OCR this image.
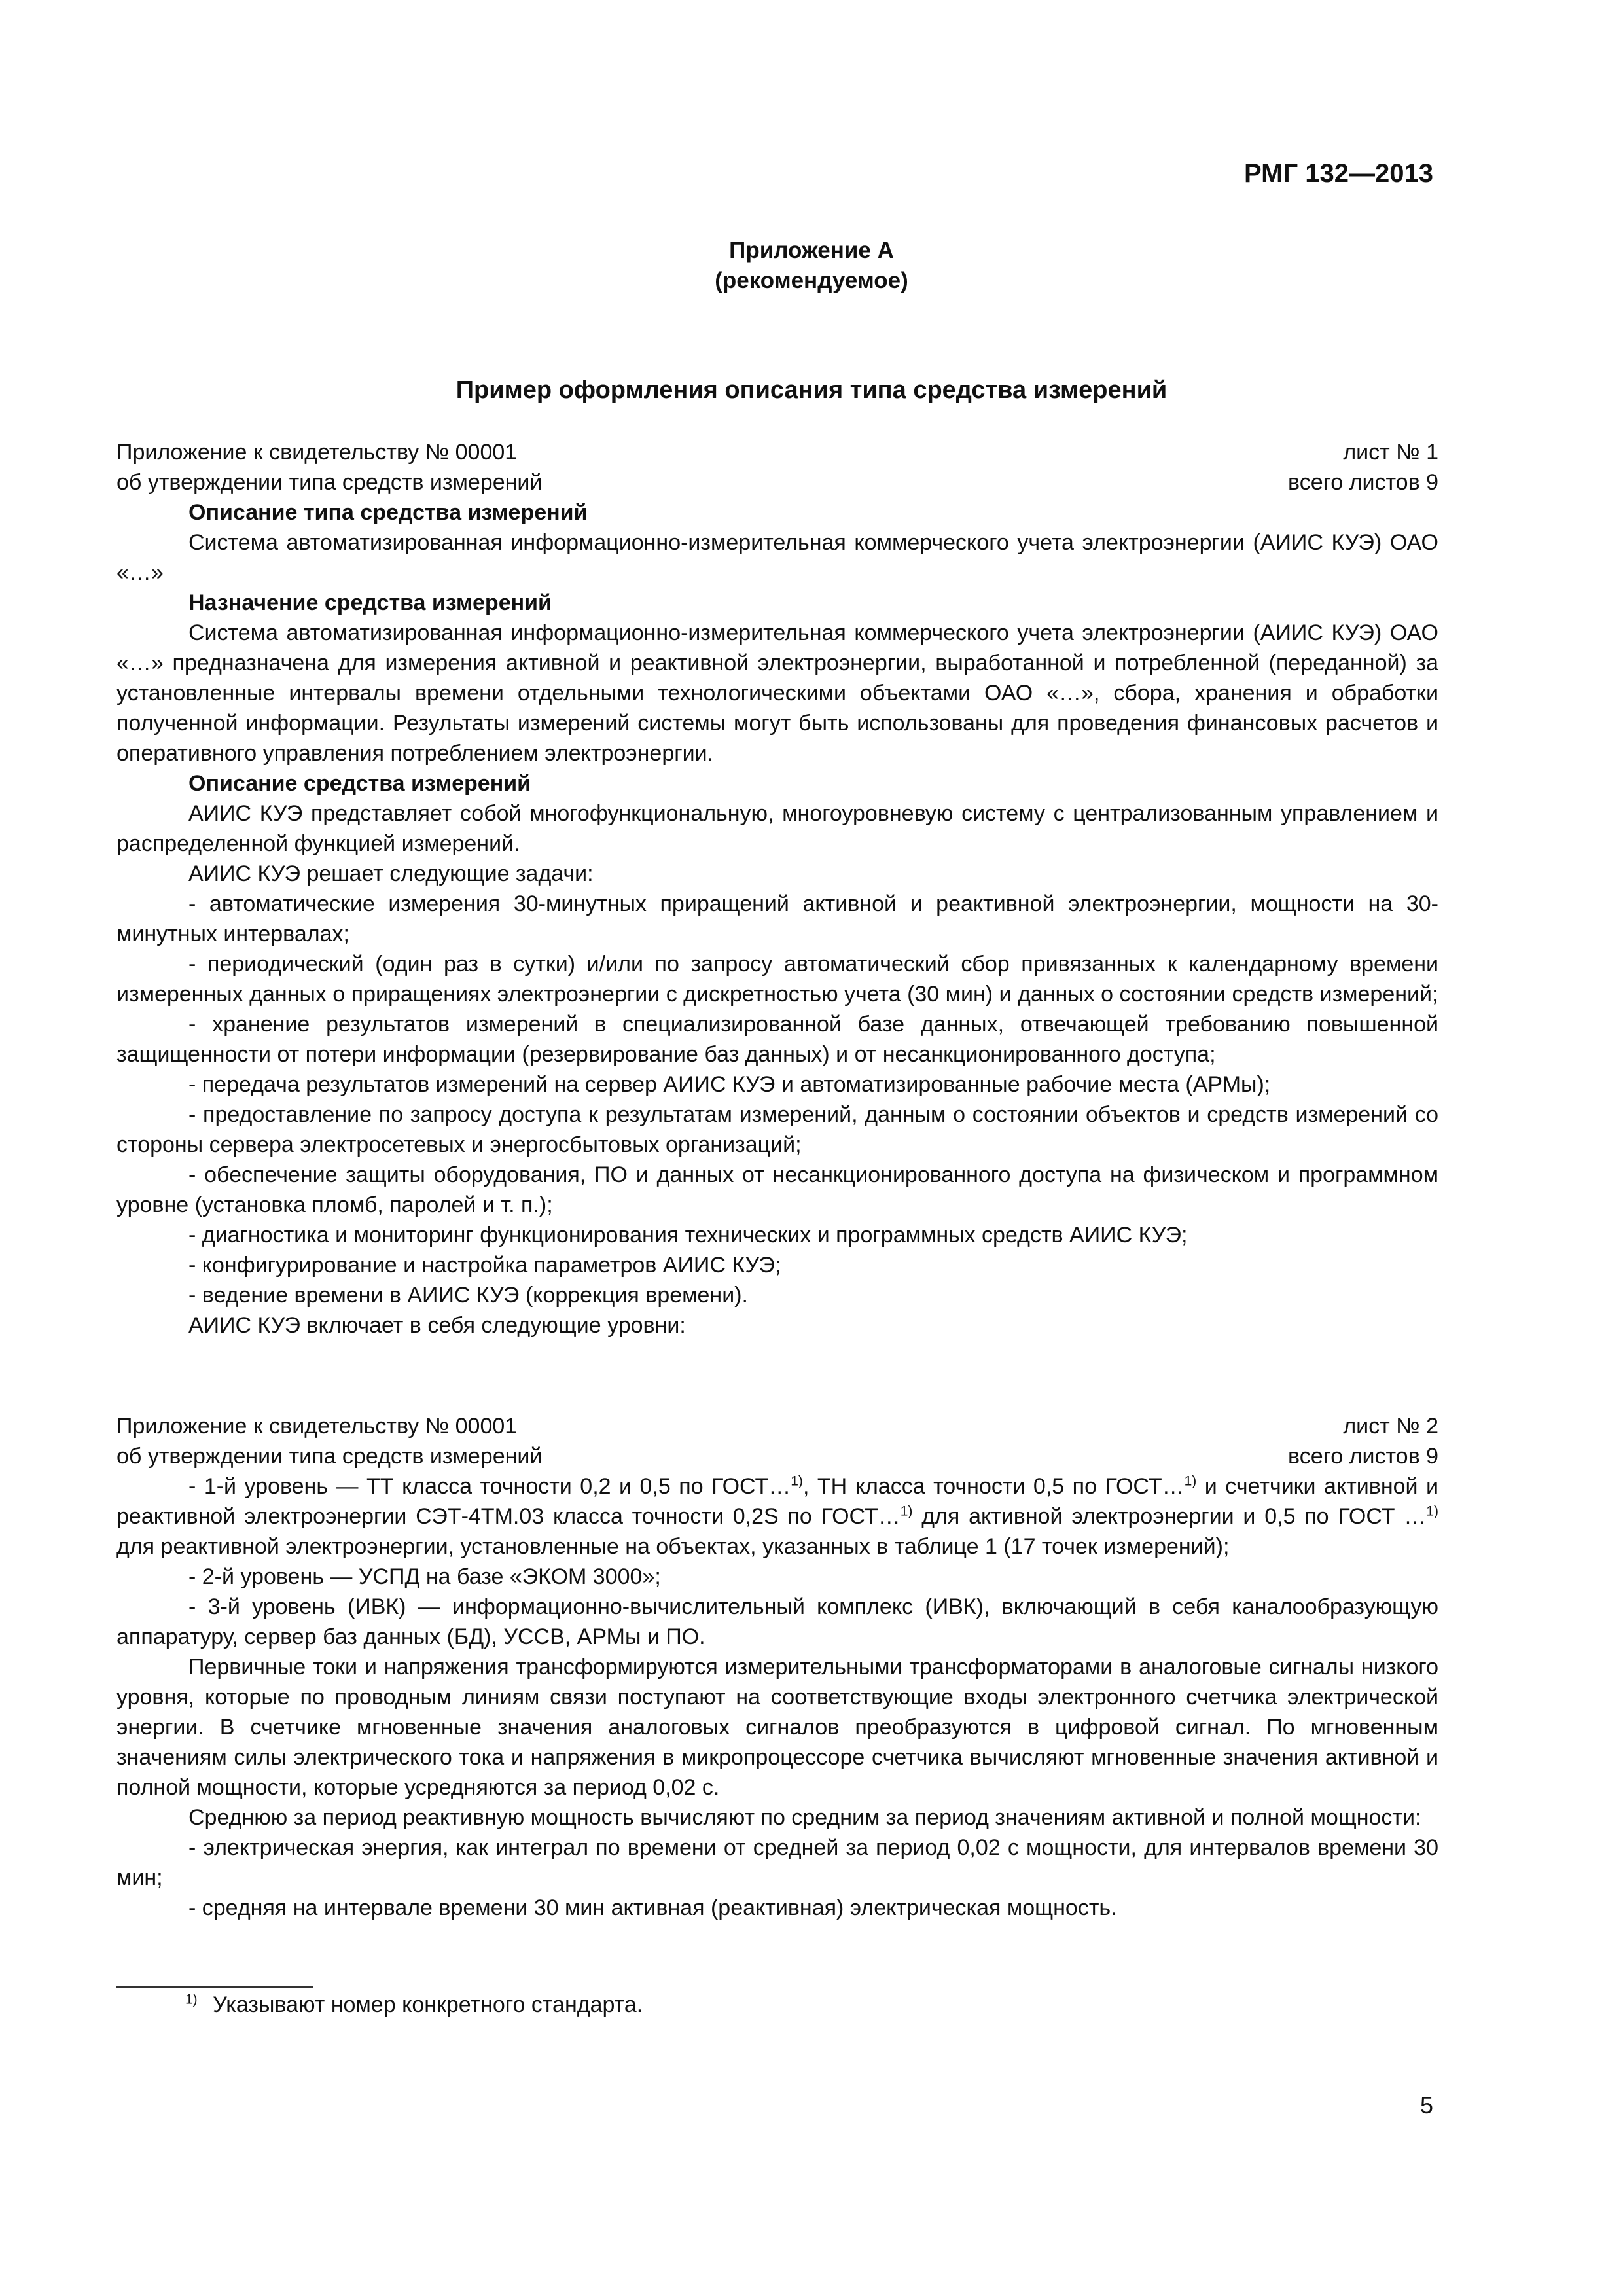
РМГ 132—2013
Приложение А
(рекомендуемое)
Пример оформления описания типа средства измерений
Приложение к свидетельству № 00001	лист № 1
об утверждении типа средств измерений	всего листов 9
Описание типа средства измерений

Система автоматизированная информационно-измерительная коммерческого учета электроэнергии (АИИС КУЭ) ОАО «…»

Назначение средства измерений

Система автоматизированная информационно-измерительная коммерческого учета электроэнергии (АИИС КУЭ) ОАО «…» предназначена для измерения активной и реактивной электроэнергии, выработанной и потребленной (переданной) за установленные интервалы времени отдельными технологическими объектами ОАО «…», сбора, хранения и обработки полученной информации. Результаты измерений системы могут быть использованы для проведения финансовых расчетов и оперативного управления потреблением электроэнергии.

Описание средства измерений

АИИС КУЭ представляет собой многофункциональную, многоуровневую систему с централизованным управлением и распределенной функцией измерений.

АИИС КУЭ решает следующие задачи:

- автоматические измерения 30-минутных приращений активной и реактивной электроэнергии, мощности на 30-минутных интервалах;

- периодический (один раз в сутки) и/или по запросу автоматический сбор привязанных к календарному времени измеренных данных о приращениях электроэнергии с дискретностью учета (30 мин) и данных о состоянии средств измерений;

- хранение результатов измерений в специализированной базе данных, отвечающей требованию повышенной защищенности от потери информации (резервирование баз данных) и от несанкционированного доступа;

- передача результатов измерений на сервер АИИС КУЭ и автоматизированные рабочие места (АРМы);

- предоставление по запросу доступа к результатам измерений, данным о состоянии объектов и средств измерений со стороны сервера электросетевых и энергосбытовых организаций;

- обеспечение защиты оборудования, ПО и данных от несанкционированного доступа на физическом и программном уровне (установка пломб, паролей и т. п.);

- диагностика и мониторинг функционирования технических и программных средств АИИС КУЭ;

- конфигурирование и настройка параметров АИИС КУЭ;

- ведение времени в АИИС КУЭ (коррекция времени).

АИИС КУЭ включает в себя следующие уровни:

Приложение к свидетельству № 00001	лист № 2
об утверждении типа средств измерений	всего листов 9

- 1-й уровень — ТТ класса точности 0,2 и 0,5 по ГОСТ…$^{1)}$, ТН класса точности 0,5 по ГОСТ…$^{1)}$ и счетчики активной и реактивной электроэнергии СЭТ-4ТМ.03 класса точности 0,2S по ГОСТ…$^{1)}$ для активной электроэнергии и 0,5 по ГОСТ …$^{1)}$ для реактивной электроэнергии, установленные на объектах, указанных в таблице 1 (17 точек измерений);

- 2-й уровень — УСПД на базе «ЭКОМ 3000»;

- 3-й уровень (ИВК) — информационно-вычислительный комплекс (ИВК), включающий в себя каналообразующую аппаратуру, сервер баз данных (БД), УССВ, АРМы и ПО.

Первичные токи и напряжения трансформируются измерительными трансформаторами в аналоговые сигналы низкого уровня, которые по проводным линиям связи поступают на соответствующие входы электронного счетчика электрической энергии. В счетчике мгновенные значения аналоговых сигналов преобразуются в цифровой сигнал. По мгновенным значениям силы электрического тока и напряжения в микропроцессоре счетчика вычисляют мгновенные значения активной и полной мощности, которые усредняются за период 0,02 с.

Среднюю за период реактивную мощность вычисляют по средним за период значениям активной и полной мощности:

- электрическая энергия, как интеграл по времени от средней за период 0,02 с мощности, для интервалов времени 30 мин;

- средняя на интервале времени 30 мин активная (реактивная) электрическая мощность.

$^{1)}$ Указывают номер конкретного стандарта.
5
